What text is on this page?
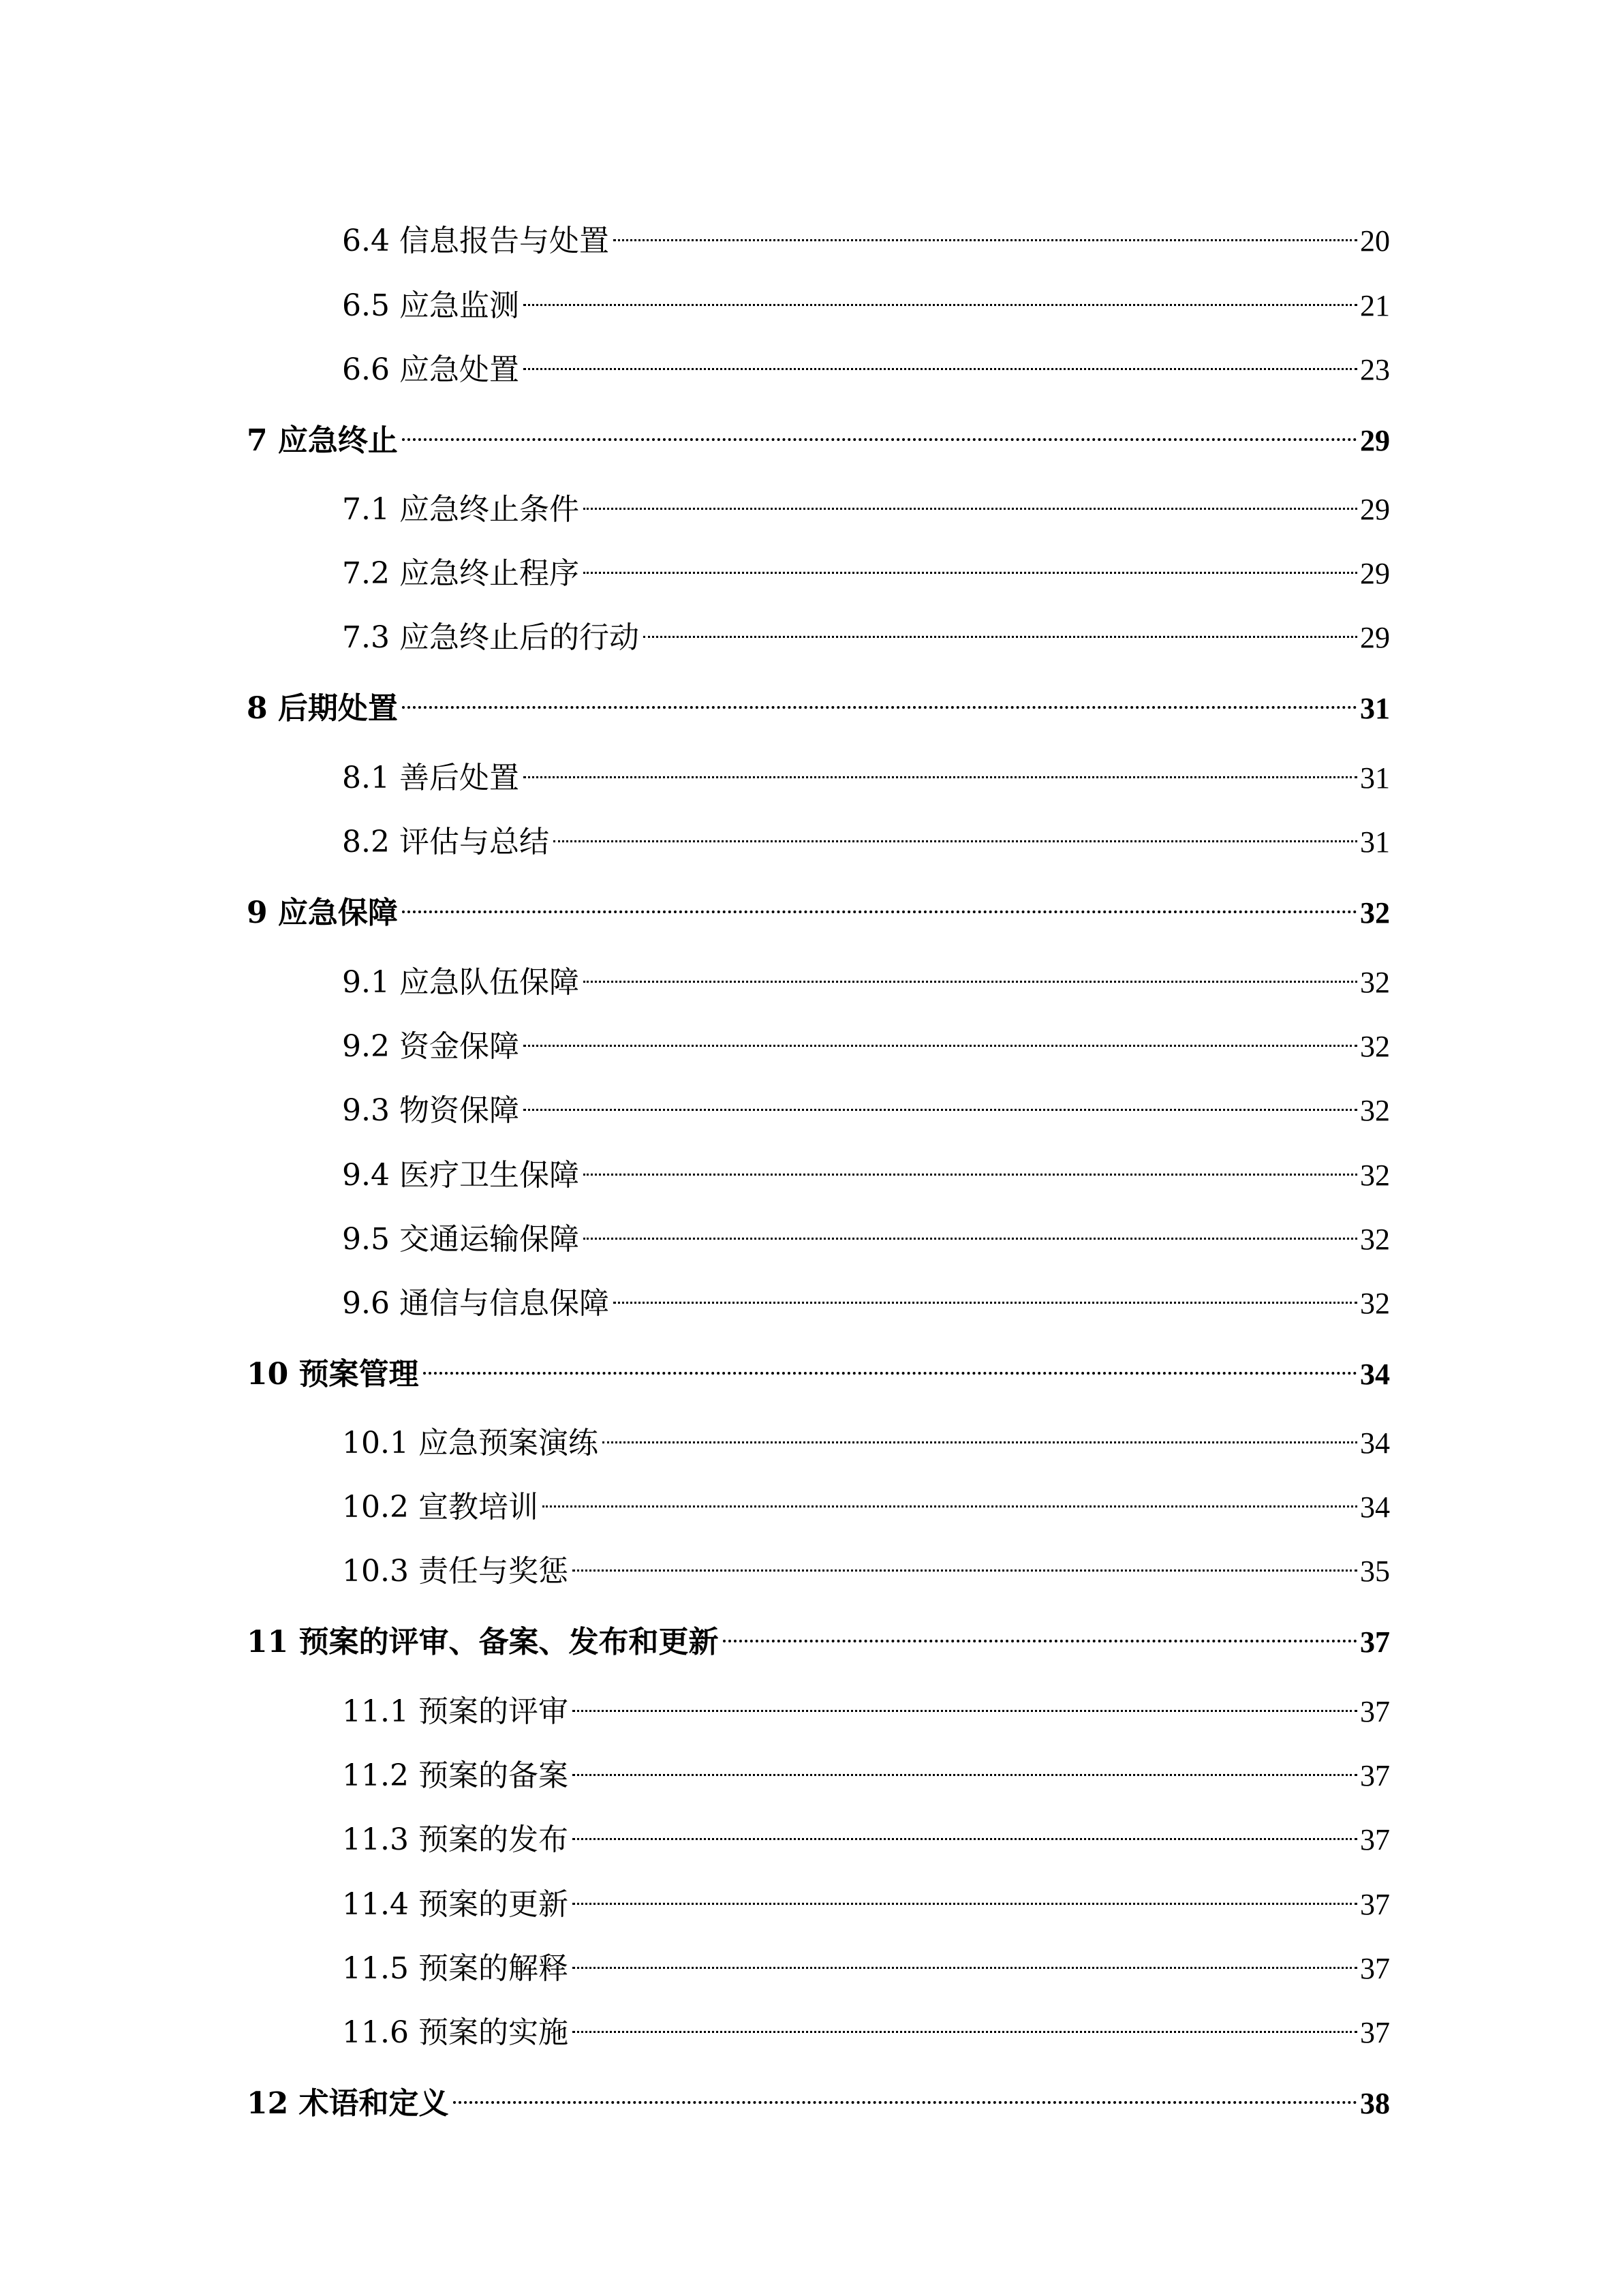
6.4 信息报告与处置	20
6.5 应急监测	21
6.6 应急处置	23
7 应急终止	29
7.1 应急终止条件	29
7.2 应急终止程序	29
7.3 应急终止后的行动	29
8 后期处置	31
8.1 善后处置	31
8.2 评估与总结	31
9 应急保障	32
9.1 应急队伍保障	32
9.2 资金保障	32
9.3 物资保障	32
9.4 医疗卫生保障	32
9.5 交通运输保障	32
9.6 通信与信息保障	32
10 预案管理	34
10.1 应急预案演练	34
10.2 宣教培训	34
10.3 责任与奖惩	35
11 预案的评审、备案、发布和更新	37
11.1 预案的评审	37
11.2 预案的备案	37
11.3 预案的发布	37
11.4 预案的更新	37
11.5 预案的解释	37
11.6 预案的实施	37
12 术语和定义	38
